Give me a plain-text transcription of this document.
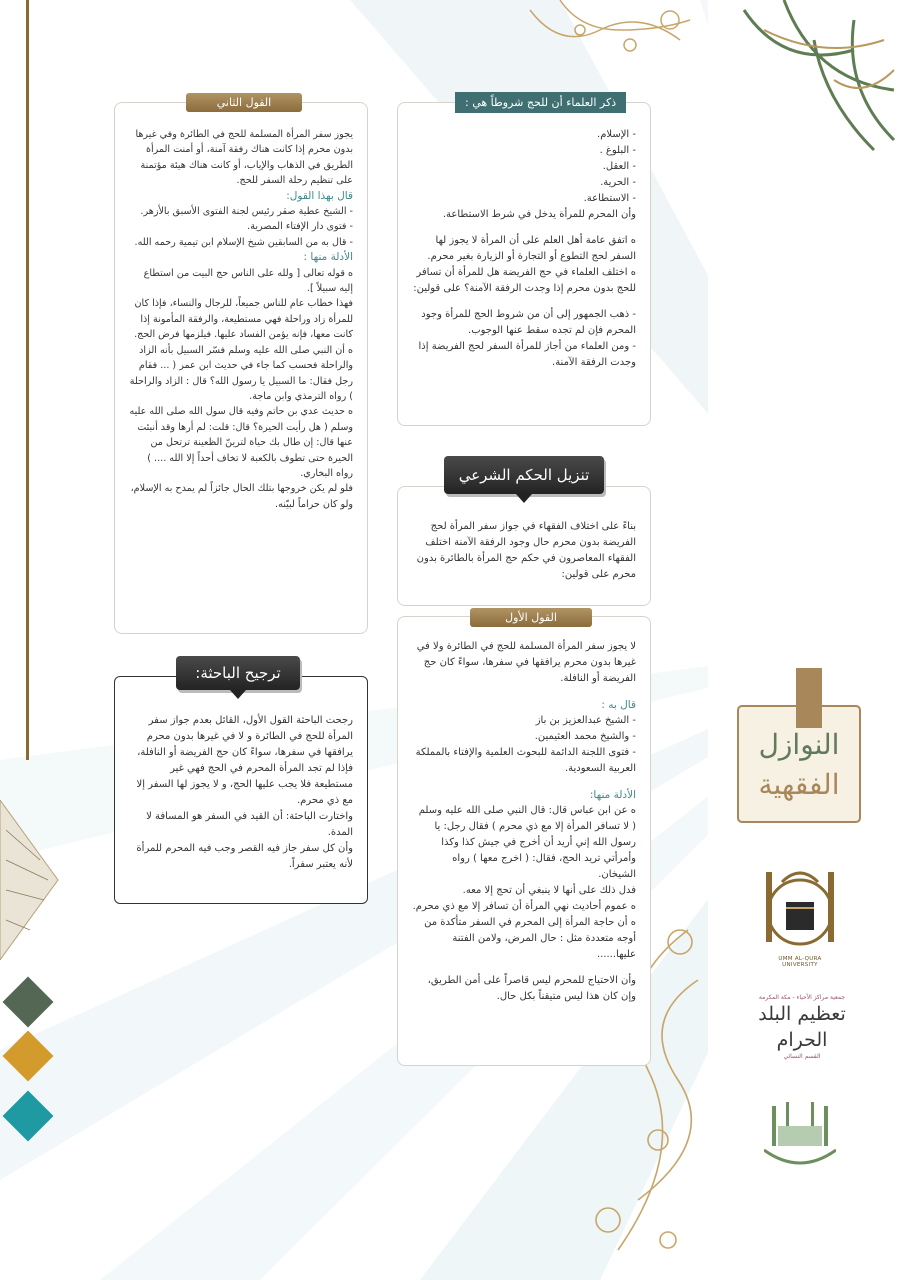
- الإسلام.

- البلوغ .

- العقل.

- الحرية.

- الاستطاعة.

وأن المحرم للمرأة يدخل في شرط الاستطاعة.

ه اتفق عامة أهل العلم على أن المرأة لا يجوز لها السفر لحج التطوع أو التجارة أو الزيارة بغير محرم.

ه اختلف العلماء في حج الفريضة هل للمرأة أن تسافر للحج بدون محرم إذا وجدت الرفقة الآمنة؟ على قولين:

- ذهب الجمهور إلى أن من شروط الحج للمرأة وجود المحرم فإن لم تجده سقط عنها الوجوب.

- ومن العلماء من أجاز للمرأة السفر لحج الفريضة إذا وجدت الرفقة الآمنة.

ذكر العلماء أن للحج شروطاً هي :

بناءً على اختلاف الفقهاء في جواز سفر المرأة لحج الفريضة بدون محرم حال وجود الرفقة الآمنة اختلف الفقهاء المعاصرون في حكم حج المرأة بالطائرة بدون محرم على قولين:

تنزيل الحكم الشرعي

لا يجوز سفر المرأة المسلمة للحج في الطائرة ولا في غيرها بدون محرم يرافقها في سفرها، سواءً كان حج الفريضة أو النافلة.

قال به :

- الشيخ عبدالعزيز بن باز

- والشيخ محمد العثيمين.

- فتوى اللجنة الدائمة للبحوث العلمية والإفتاء بالمملكة العربية السعودية.

الأدلة منها:

ه عن ابن عباس قال: قال النبي صلى الله عليه وسلم ( لا تسافر المرأة إلا مع ذي محرم ) فقال رجل: يا رسول الله إني أريد أن أخرج في جيش كذا وكذا وأمرأتي تريد الحج، فقال: ( اخرج معها ) رواه الشيخان.

فدل ذلك على أنها لا ينبغي أن تحج إلا معه.

ه عموم أحاديث نهي المرأة أن تسافر إلا مع ذي محرم.

ه أن حاجة المرأة إلى المحرم في السفر متأكدة من أوجه متعددة مثل : حال المرض، ولامن الفتنة عليها......

وأن الاحتياج للمحرم ليس قاصراً على أمن الطريق، وإن كان هذا ليس متيقناً بكل حال.

القول الأول

يجوز سفر المرأة المسلمة للحج في الطائرة وفي غيرها بدون محرم إذا كانت هناك رفقة آمنة، أو أمنت المرأة الطريق في الذهاب والإياب، أو كانت هناك هيئة مؤتمنة على تنظيم رحلة السفر للحج.

قال بهذا القول:

- الشيخ عطية صقر رئيس لجنة الفتوى الأسبق بالأزهر.

- فتوى دار الإفتاء المصرية.

- قال به من السابقين شيخ الإسلام ابن تيمية رحمه الله.

الأدلة منها :

ه قوله تعالى [ ولله على الناس حج البيت من استطاع إليه سبيلاً ].

فهذا خطاب عام للناس جميعاً، للرجال والنساء، فإذا كان للمرأة زاد وراحلة فهي مستطيعة، والرفقة المأمونة إذا كانت معها، فإنه يؤمن الفساد عليها. فيلزمها فرض الحج.

ه أن النبي صلى الله عليه وسلم فسّر السبيل بأنه الزاد والراحلة فحسب كما جاء في حديث ابن عمر ( ... فقام رجل فقال: ما السبيل يا رسول الله؟ قال : الزاد والراحلة ) رواه الترمذي وابن ماجة.

ه حديث عدي بن حاتم وفيه قال سول الله صلى الله عليه وسلم ( هل رأيت الحيرة؟ قال: قلت: لم أرها وقد أنبئت عنها قال: إن طال بك حياة لترينّ الظعينة ترتحل من الحيرة حتى تطوف بالكعبة لا تخاف أحداً إلا الله .... ) رواه البخاري.

فلو لم يكن خروجها بتلك الحال جائزاً لم يمدح به الإسلام، ولو كان حراماً لبيّنه.

القول الثاني

رجحت الباحثة القول الأول، القائل بعدم جواز سفر المرأة للحج في الطائرة و لا في غيرها بدون محرم يرافقها في سفرها، سواءً كان حج الفريضة أو النافلة، فإذا لم تجد المرأة المحرم في الحج فهي غير مستطيعة فلا يجب عليها الحج، و لا يجوز لها السفر إلا مع ذي محرم.

واختارت الباحثة: أن القيد في السفر هو المسافة لا المدة.

وأن كل سفر جاز فيه القصر وجب فيه المحرم للمرأة لأنه يعتبر سفراً.

ترجيح الباحثة:
النوازل
الفقهية
UMM AL-QURA UNIVERSITY
جمعية مراكز الأحياء - مكة المكرمة
تعظيم البلد الحرام
القسم النسائي
